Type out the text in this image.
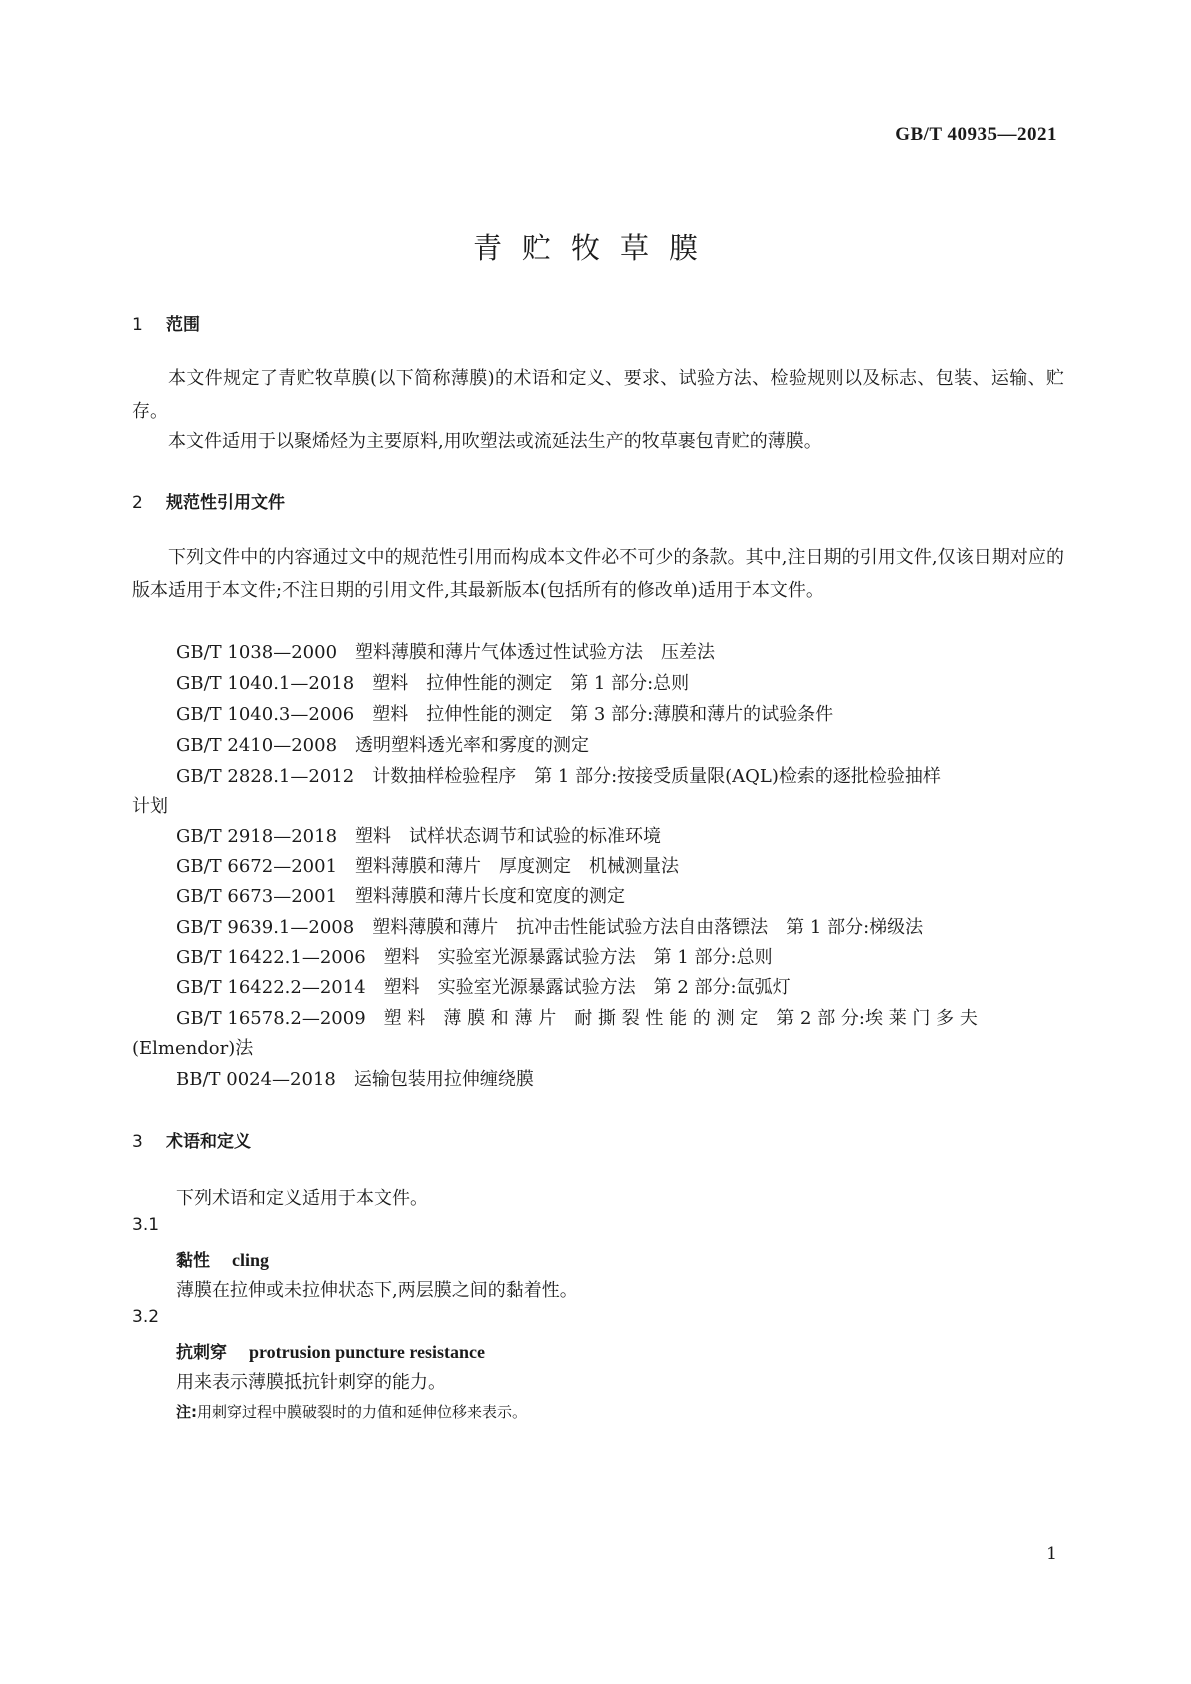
GB/T 40935—2021
青贮牧草膜
1 范围
本文件规定了青贮牧草膜(以下简称薄膜)的术语和定义、要求、试验方法、检验规则以及标志、包装、运输、贮存。
本文件适用于以聚烯烃为主要原料,用吹塑法或流延法生产的牧草裹包青贮的薄膜。
2 规范性引用文件
下列文件中的内容通过文中的规范性引用而构成本文件必不可少的条款。其中,注日期的引用文件,仅该日期对应的版本适用于本文件;不注日期的引用文件,其最新版本(包括所有的修改单)适用于本文件。
GB/T 1038—2000　塑料薄膜和薄片气体透过性试验方法　压差法
GB/T 1040.1—2018　塑料　拉伸性能的测定　第 1 部分:总则
GB/T 1040.3—2006　塑料　拉伸性能的测定　第 3 部分:薄膜和薄片的试验条件
GB/T 2410—2008　透明塑料透光率和雾度的测定
GB/T 2828.1—2012　计数抽样检验程序　第 1 部分:按接受质量限(AQL)检索的逐批检验抽样
计划
GB/T 2918—2018　塑料　试样状态调节和试验的标准环境
GB/T 6672—2001　塑料薄膜和薄片　厚度测定　机械测量法
GB/T 6673—2001　塑料薄膜和薄片长度和宽度的测定
GB/T 9639.1—2008　塑料薄膜和薄片　抗冲击性能试验方法自由落镖法　第 1 部分:梯级法
GB/T 16422.1—2006　塑料　实验室光源暴露试验方法　第 1 部分:总则
GB/T 16422.2—2014　塑料　实验室光源暴露试验方法　第 2 部分:氙弧灯
GB/T 16578.2—2009　塑 料　薄 膜 和 薄 片　耐 撕 裂 性 能 的 测 定　第 2 部 分:埃 莱 门 多 夫
(Elmendor)法
BB/T 0024—2018　运输包装用拉伸缠绕膜
3 术语和定义
下列术语和定义适用于本文件。
3.1
黏性 cling
薄膜在拉伸或未拉伸状态下,两层膜之间的黏着性。
3.2
抗刺穿 protrusion puncture resistance
用来表示薄膜抵抗针刺穿的能力。
注:用刺穿过程中膜破裂时的力值和延伸位移来表示。
1
